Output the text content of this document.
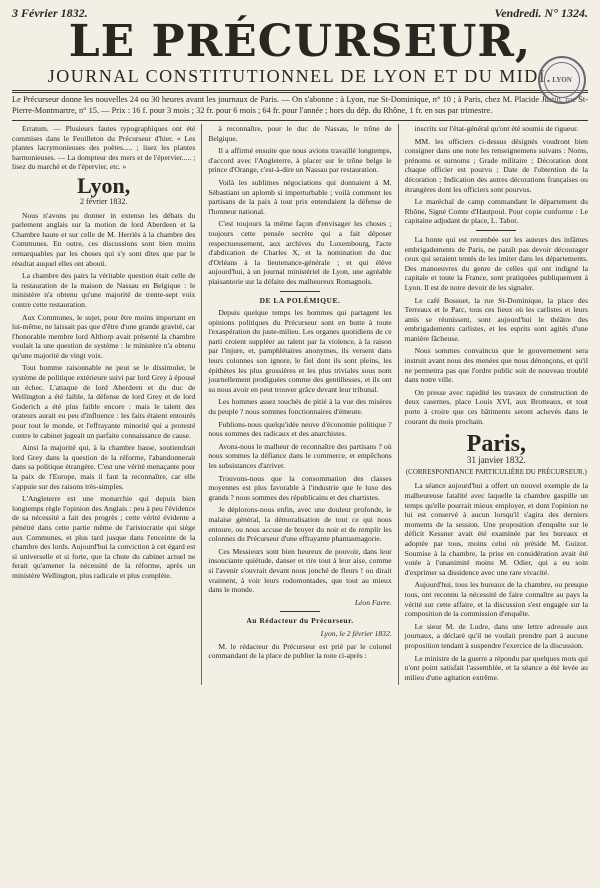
3 Février 1832.	Vendredi. N° 1324.
LE PRÉCURSEUR,
JOURNAL CONSTITUTIONNEL DE LYON ET DU MIDI. LYON
Le Précurseur donne les nouvelles 24 ou 30 heures avant les journaux de Paris. — On s'abonne : à Lyon, rue St-Dominique, n° 10 ; à Paris, chez M. Placide Justin, rue St-Pierre-Montmartre, n° 15. — Prix : 16 f. pour 3 mois ; 32 fr. pour 6 mois ; 64 fr. pour l'année ; hors du dép. du Rhône, 1 fr. en sus par trimestre.

Erratum. — Plusieurs fautes typographiques ont été commises dans le Feuilleton du Précurseur d'hier. « Les plantes lacrymonieuses des poètes..... ; lisez les plantes harmonieuses. — La dompteur des mers et de l'épervier..... ; lisez du marché et de l'épervier, etc. »

Lyon,
2 février 1832.

Nous n'avons pu donner in extenso les débats du parlement anglais sur la motion de lord Aberdeen et la Chambre haute et sur celle de M. Herriès à la chambre des Communes. En outre, ces discussions sont bien moins remarquables par les choses qui s'y sont dites que par le résultat auquel elles ont abouti.

La chambre des pairs la véritable question était celle de la restauration de la maison de Nassau en Belgique : le ministère n'a obtenu qu'une majorité de trente-sept voix contre cette restauration.

Aux Communes, le sujet, pour être moins important en lui-même, ne laissait pas que d'être d'une grande gravité, car l'honorable membre lord Althorp avait présenté la chambre voulait la une question de système : le ministère n'a obtenu qu'une majorité de vingt voix.

Tout homme raisonnable ne peut se le dissimuler, le système de politique extérieure suivi par lord Grey à épousé un échec. L'attaque de lord Aberdeen et du duc de Wellington a été faible, la défense de lord Grey et de lord Goderich a été plus faible encore : mais le talent des orateurs aurait eu peu d'influence : les faits étaient entourés pour tout le monde, et l'effrayante minorité qui a protesté contre le cabinet jugeait un parfaite connaissance de cause.

Ainsi la majorité qui, à la chambre basse, soutiendrait lord Grey dans la question de la réforme, l'abandonnerait dans sa politique étrangère. C'est une vérité menaçante pour la paix de l'Europe, mais il faut la reconnaître, car elle s'appuie sur des raisons très-simples.

L'Angleterre est une monarchie qui depuis bien longtemps règle l'opinion des Anglais : peu à peu l'évidence de sa nécessité a fait des progrès ; cette vérité évidente a pénétré dans cette partie même de l'aristocratie qui siège aux Communes, et plus tard jusque dans l'enceinte de la chambre des lords. Aujourd'hui la conviction à cet égard est si universelle et si forte, que la chute du cabinet actuel ne ferait qu'amener la nécessité de la réforme, après un ministère Wellington, plus radicale et plus complète.

à reconnaître, pour le duc de Nassau, le trône de Belgique.

Il a affirmé ensuite que nous avions travaillé longtemps, d'accord avec l'Angleterre, à placer sur le trône belge le prince d'Orange, c'est-à-dire un Nassau par restauration.

Voilà les sublimes négociations qui donnaient à M. Sébastiani un aplomb si imperturbable ; voilà comment les partisans de la paix à tout prix entendaient la défense de l'honneur national.

C'est toujours la même façon d'envisager les choses ; toujours cette pensée secrète qui a fait déposer respectueusement, aux archives du Luxembourg, l'acte d'abdication de Charles X, et la nomination du duc d'Orléans à la lieutenance-générale ; et qui élève aujourd'hui, à un journal ministériel de Lyon, une agréable plaisanterie sur la défaite des malheureux Romagnols.

DE LA POLÉMIQUE.

Depuis quelque temps les hommes qui partagent les opinions politiques du Précurseur sont en butte à toute l'exaspération du juste-milieu. Les organes quotidiens de ce parti croient suppléer au talent par la violence, à la raison par l'injure, et, pamphlétaires anonymes, ils versent dans leurs colonnes son ignore, le fiel dont ils sont pleins, les épithètes les plus grossières et les plus triviales sous nom journellement prodiguées comme des gentillesses, et ils ont su nous avoir en peut trouver grâce devant leur tribunal.

Les hommes assez touchés de pitié à la vue des misères du peuple ? nous sommes fonctionnaires d'émeute.

Fublions-nous quelqu'idée neuve d'économie politique ? nous sommes des radicaux et des anarchistes.

Avons-nous le malheur de reconnaître des partisans ? où nous sommes la défiance dans le commerce, et empêchons les subsistances d'arriver.

Trouvons-nous que la consommation des classes moyennes est plus favorable à l'industrie que le luxe des grands ? nous sommes des républicains et des chartistes.

Je déplorons-nous enfin, avec une douleur profonde, le malaise général, la démoralisation de tout ce qui nous entoure, ou nous accuse de broyer du noir et de remplir les colonnes du Précurseur d'une effrayante phantasmagorie.

Ces Messieurs sont bien heureux de pouvoir, dans leur insouciante quiétude, danser et rire tout à leur aise, comme si l'avenir s'ouvrait devant nous jonché de fleurs ! ou dirait vraiment, à voir leurs rodomontades, que tout au mieux dans le monde.

Léon Favre.
Au Rédacteur du Précurseur.
Lyon, le 2 février 1832.

M. le rédacteur du Précurseur est prié par le colonel commandant de la place de publier la note ci-après :

inscrits sur l'état-général qu'ont été soumis de rigueur.

MM. les officiers ci-dessus désignés voudront bien consigner dans une note les renseignemens suivans : Noms, prénoms et surnoms ; Grade militaire ; Décoration dont chaque officier est pourvu ; Date de l'obtention de la décoration ; Indication des autres décorations françaises ou étrangères dont les officiers sont pourvus.

Le maréchal de camp commandant le département du Rhône, Signé Comte d'Hautpoul. Pour copie conforme : Le capitaine adjudant de place, L. Tabot.

La honte qui est retombée sur les auteurs des infâmes embrigadements de Paris, ne paraît pas devoir décourager ceux qui seraient tentés de les imiter dans les départements. Des manoeuvres du genre de celles qui ont indigné la capitale et toute la France, sont pratiquées publiquement à Lyon. Il est de notre devoir de les signaler.

Le café Bossuet, la rue St-Dominique, la place des Terreaux et le Parc, tous ces lieux où les carlistes et leurs amis se réunissent, sont aujourd'hui le théâtre des embrigadements carlistes, et les esprits sont agités d'une manière fâcheuse.

Nous sommes convaincus que le gouvernement sera instruit avant nous des menées que nous dénonçons, et qu'il ne permettra pas que l'ordre public soit de nouveau troublé dans notre ville.

On presse avec rapidité les travaux de construction de deux casernes, place Louis XVI, aux Brotteaux, et tout porte à croire que ces bâtiments seront achevés dans le courant du mois prochain.

Paris,
31 janvier 1832.
(CORRESPONDANCE PARTICULIÈRE DU PRÉCURSEUR.)

La séance aujourd'hui a offert un nouvel exemple de la malheureuse fatalité avec laquelle la chambre gaspille un temps qu'elle pourrait mieux employer, et dont l'opinion ne lui est conservé à aucun lorsqu'il s'agira des derniers moments de la session. Une proposition d'enquête sur le déficit Kessner avait été examinée par les bureaux et adoptée par tous, moins celui où préside M. Guizot. Soumise à la chambre, la prise en considération avait été votée à l'unanimité moins M. Odier, qui a eu soin d'exprimer sa dissidence avec une rare vivacité.

Aujourd'hui, tous les bureaux de la chambre, ou presque tous, ont reconnu la nécessité de faire connaître au pays la vérité sur cette affaire, et la discussion s'est engagée sur la composition de la commission d'enquête.

Le sieur M. de Ludre, dans une lettre adressée aux journaux, a déclaré qu'il ne voulait prendre part à aucune proposition tendant à suspendre l'exercice de la discussion.

Le ministre de la guerre a répondu par quelques mots qui n'ont point satisfait l'assemblée, et la séance a été levée au milieu d'une agitation extrême.
